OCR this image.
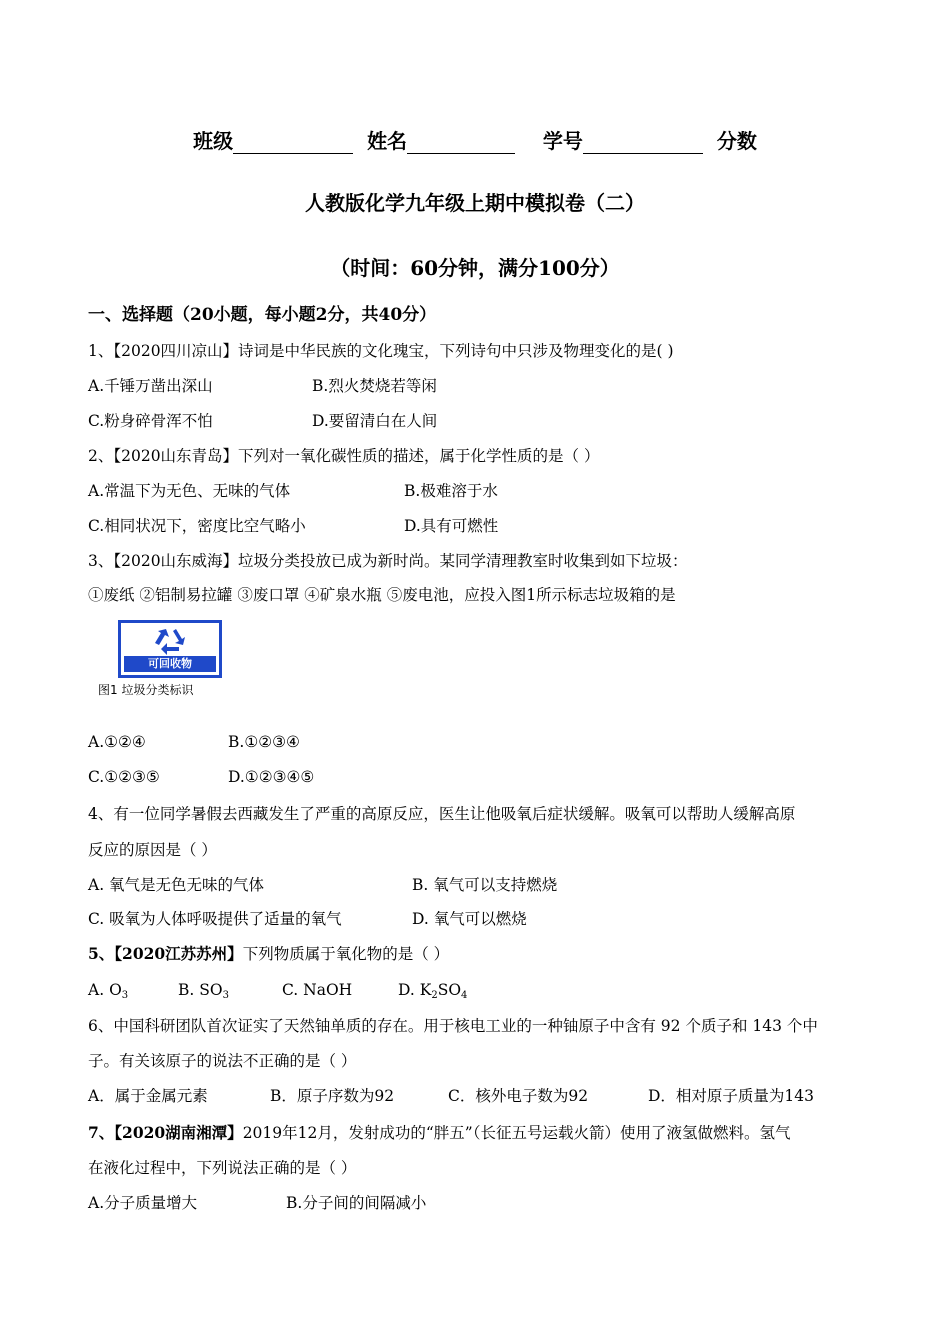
班级	姓名	学号	分数
人教版化学九年级上期中模拟卷（二）
（时间：60分钟，满分100分）
一、选择题（20小题，每小题2分，共40分）
1、【2020四川凉山】诗词是中华民族的文化瑰宝，下列诗句中只涉及物理变化的是( )
A.千锤万凿出深山	B.烈火焚烧若等闲
C.粉身碎骨浑不怕	D.要留清白在人间
2、【2020山东青岛】下列对一氧化碳性质的描述，属于化学性质的是（ ）
A.常温下为无色、无味的气体	B.极难溶于水
C.相同状况下，密度比空气略小	D.具有可燃性
3、【2020山东威海】垃圾分类投放已成为新时尚。某同学清理教室时收集到如下垃圾：
①废纸 ②铝制易拉罐 ③废口罩 ④矿泉水瓶 ⑤废电池，应投入图1所示标志垃圾箱的是
可回收物
图1 垃圾分类标识
A.①②④	B.①②③④
C.①②③⑤	D.①②③④⑤
4、有一位同学暑假去西藏发生了严重的高原反应，医生让他吸氧后症状缓解。吸氧可以帮助人缓解高原
反应的原因是（ ）
A. 氧气是无色无味的气体	B. 氧气可以支持燃烧
C. 吸氧为人体呼吸提供了适量的氧气	D. 氧气可以燃烧
5、【2020江苏苏州】下列物质属于氧化物的是（ ）
A. $O_3$	B. $SO_3$	C. NaOH	D. $K_2SO_4$
6、中国科研团队首次证实了天然铀单质的存在。用于核电工业的一种铀原子中含有 92 个质子和 143 个中
子。有关该原子的说法不正确的是（ ）
A．属于金属元素	B．原子序数为92	C．核外电子数为92	D．相对原子质量为143
7、【2020湖南湘潭】2019年12月，发射成功的“胖五”（长征五号运载火箭）使用了液氢做燃料。氢气
在液化过程中，下列说法正确的是（ ）
A.分子质量增大	B.分子间的间隔减小
